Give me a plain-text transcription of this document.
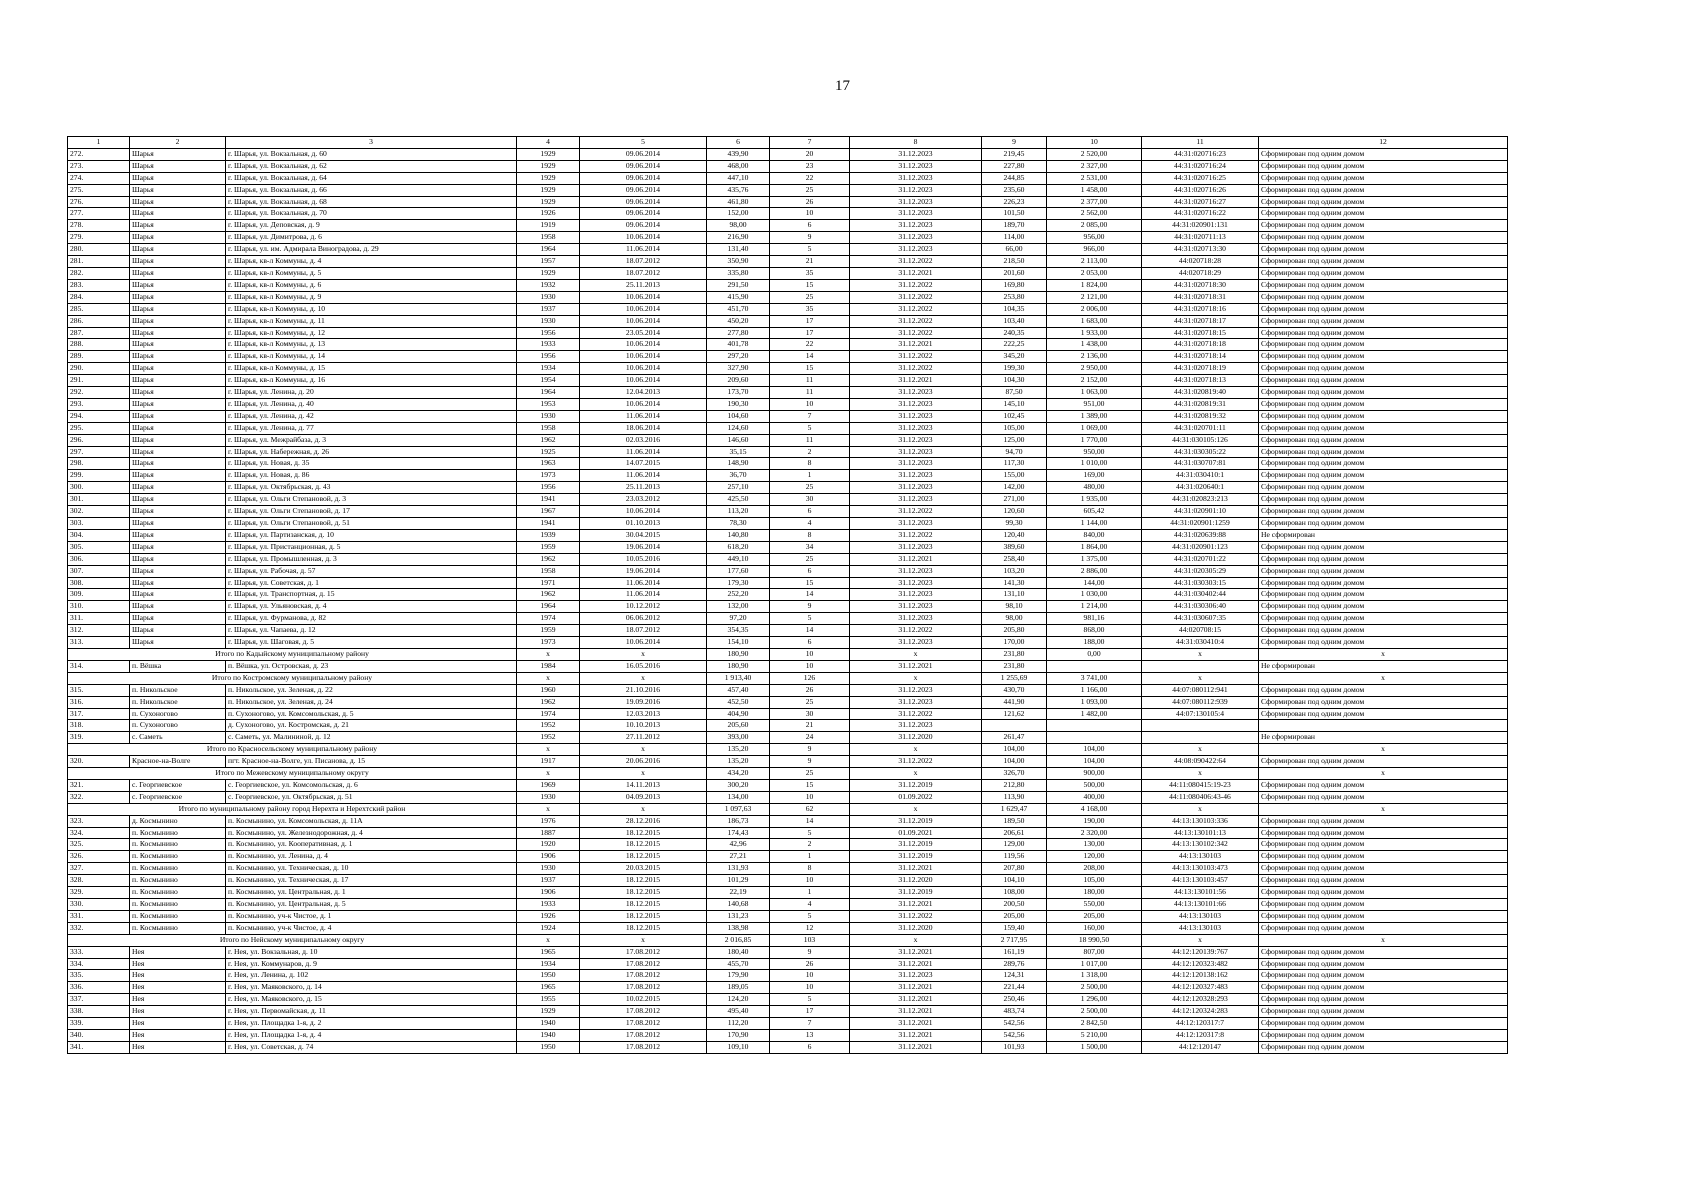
17
1	2	3	4	5	6	7	8	9	10	11	12
272.	Шарья	г. Шарья, ул. Вокзальная, д. 60	1929	09.06.2014	439,90	20	31.12.2023	219,45	2 520,00	44:31:020716:23	Сформирован под одним домом
273.	Шарья	г. Шарья, ул. Вокзальная, д. 62	1929	09.06.2014	468,00	23	31.12.2023	227,80	2 327,00	44:31:020716:24	Сформирован под одним домом
274.	Шарья	г. Шарья, ул. Вокзальная, д. 64	1929	09.06.2014	447,10	22	31.12.2023	244,85	2 531,00	44:31:020716:25	Сформирован под одним домом
275.	Шарья	г. Шарья, ул. Вокзальная, д. 66	1929	09.06.2014	435,76	25	31.12.2023	235,60	1 458,00	44:31:020716:26	Сформирован под одним домом
276.	Шарья	г. Шарья, ул. Вокзальная, д. 68	1929	09.06.2014	461,80	26	31.12.2023	226,23	2 377,00	44:31:020716:27	Сформирован под одним домом
277.	Шарья	г. Шарья, ул. Вокзальная, д. 70	1926	09.06.2014	152,00	10	31.12.2023	101,50	2 562,00	44:31:020716:22	Сформирован под одним домом
278.	Шарья	г. Шарья, ул. Деповская, д. 9	1919	09.06.2014	98,00	6	31.12.2023	189,70	2 085,00	44:31:020901:131	Сформирован под одним домом
279.	Шарья	г. Шарья, ул. Димитрова, д. 6	1958	10.06.2014	216,90	9	31.12.2023	114,00	956,00	44:31:020711:13	Сформирован под одним домом
280.	Шарья	г. Шарья, ул. им. Адмирала Виноградова, д. 29	1964	11.06.2014	131,40	5	31.12.2023	66,00	966,00	44:31:020713:30	Сформирован под одним домом
281.	Шарья	г. Шарья, кв-л Коммуны, д. 4	1957	18.07.2012	350,90	21	31.12.2022	218,50	2 113,00	44:020718:28	Сформирован под одним домом
282.	Шарья	г. Шарья, кв-л Коммуны, д. 5	1929	18.07.2012	335,80	35	31.12.2021	201,60	2 053,00	44:020718:29	Сформирован под одним домом
283.	Шарья	г. Шарья, кв-л Коммуны, д. 6	1932	25.11.2013	291,50	15	31.12.2022	169,80	1 824,00	44:31:020718:30	Сформирован под одним домом
284.	Шарья	г. Шарья, кв-л Коммуны, д. 9	1930	10.06.2014	415,90	25	31.12.2022	253,80	2 121,00	44:31:020718:31	Сформирован под одним домом
285.	Шарья	г. Шарья, кв-л Коммуны, д. 10	1937	10.06.2014	451,70	35	31.12.2022	104,35	2 006,00	44:31:020718:16	Сформирован под одним домом
286.	Шарья	г. Шарья, кв-л Коммуны, д. 11	1930	10.06.2014	450,20	17	31.12.2022	103,40	1 683,00	44:31:020718:17	Сформирован под одним домом
287.	Шарья	г. Шарья, кв-л Коммуны, д. 12	1956	23.05.2014	277,80	17	31.12.2022	240,35	1 933,00	44:31:020718:15	Сформирован под одним домом
288.	Шарья	г. Шарья, кв-л Коммуны, д. 13	1933	10.06.2014	401,78	22	31.12.2021	222,25	1 438,00	44:31:020718:18	Сформирован под одним домом
289.	Шарья	г. Шарья, кв-л Коммуны, д. 14	1956	10.06.2014	297,20	14	31.12.2022	345,20	2 136,00	44:31:020718:14	Сформирован под одним домом
290.	Шарья	г. Шарья, кв-л Коммуны, д. 15	1934	10.06.2014	327,90	15	31.12.2022	199,30	2 950,00	44:31:020718:19	Сформирован под одним домом
291.	Шарья	г. Шарья, кв-л Коммуны, д. 16	1954	10.06.2014	209,60	11	31.12.2021	104,30	2 152,00	44:31:020718:13	Сформирован под одним домом
292.	Шарья	г. Шарья, ул. Ленина, д. 20	1964	12.04.2013	173,70	11	31.12.2023	87,50	1 063,00	44:31:020819:40	Сформирован под одним домом
293.	Шарья	г. Шарья, ул. Ленина, д. 40	1953	10.06.2014	190,30	10	31.12.2023	145,10	951,00	44:31:020819:31	Сформирован под одним домом
294.	Шарья	г. Шарья, ул. Ленина, д. 42	1930	11.06.2014	104,60	7	31.12.2023	102,45	1 389,00	44:31:020819:32	Сформирован под одним домом
295.	Шарья	г. Шарья, ул. Ленина, д. 77	1958	18.06.2014	124,60	5	31.12.2023	105,00	1 069,00	44:31:020701:11	Сформирован под одним домом
296.	Шарья	г. Шарья, ул. Межрайбаза, д. 3	1962	02.03.2016	146,60	11	31.12.2023	125,00	1 770,00	44:31:030105:126	Сформирован под одним домом
297.	Шарья	г. Шарья, ул. Набережная, д. 26	1925	11.06.2014	35,15	2	31.12.2023	94,70	950,00	44:31:030305:22	Сформирован под одним домом
298.	Шарья	г. Шарья, ул. Новая, д. 35	1963	14.07.2015	148,90	8	31.12.2023	117,30	1 010,00	44:31:030707:81	Сформирован под одним домом
299.	Шарья	г. Шарья, ул. Новая, д. 86	1973	11.06.2014	36,70	1	31.12.2023	155,00	169,00	44:31:030410:1	Сформирован под одним домом
300.	Шарья	г. Шарья, ул. Октябрьская, д. 43	1956	25.11.2013	257,10	25	31.12.2023	142,00	480,00	44:31:020640:1	Сформирован под одним домом
301.	Шарья	г. Шарья, ул. Ольги Степановой, д. 3	1941	23.03.2012	425,50	30	31.12.2023	271,00	1 935,00	44:31:020823:213	Сформирован под одним домом
302.	Шарья	г. Шарья, ул. Ольги Степановой, д. 17	1967	10.06.2014	113,20	6	31.12.2022	120,60	605,42	44:31:020901:10	Сформирован под одним домом
303.	Шарья	г. Шарья, ул. Ольги Степановой, д. 51	1941	01.10.2013	78,30	4	31.12.2023	99,30	1 144,00	44:31:020901:1259	Сформирован под одним домом
304.	Шарья	г. Шарья, ул. Партизанская, д. 10	1939	30.04.2015	140,80	8	31.12.2022	120,40	840,00	44:31:020639:88	Не сформирован
305.	Шарья	г. Шарья, ул. Пристанционная, д. 5	1959	19.06.2014	618,20	34	31.12.2023	389,60	1 864,00	44:31:020901:123	Сформирован под одним домом
306.	Шарья	г. Шарья, ул. Промышленная, д. 3	1962	10.05.2016	449,10	25	31.12.2021	258,40	1 375,00	44:31:020701:22	Сформирован под одним домом
307.	Шарья	г. Шарья, ул. Рабочая, д. 57	1958	19.06.2014	177,60	6	31.12.2023	103,20	2 886,00	44:31:020305:29	Сформирован под одним домом
308.	Шарья	г. Шарья, ул. Советская, д. 1	1971	11.06.2014	179,30	15	31.12.2023	141,30	144,00	44:31:030303:15	Сформирован под одним домом
309.	Шарья	г. Шарья, ул. Транспортная, д. 15	1962	11.06.2014	252,20	14	31.12.2023	131,10	1 030,00	44:31:030402:44	Сформирован под одним домом
310.	Шарья	г. Шарья, ул. Ульяновская, д. 4	1964	10.12.2012	132,00	9	31.12.2023	98,10	1 214,00	44:31:030306:40	Сформирован под одним домом
311.	Шарья	г. Шарья, ул. Фурманова, д. 82	1974	06.06.2012	97,20	5	31.12.2023	98,00	981,16	44:31:030607:35	Сформирован под одним домом
312.	Шарья	г. Шарья, ул. Чапаева, д. 12	1959	18.07.2012	354,35	14	31.12.2022	205,80	868,00	44:020708:15	Сформирован под одним домом
313.	Шарья	г. Шарья, ул. Шаговая, д. 5	1973	10.06.2014	154,10	6	31.12.2023	170,00	188,00	44:31:030410:4	Сформирован под одним домом
Итого по Кадыйскому муниципальному району			x	x	180,90	10	x	231,80	0,00	x	x
314.	п. Вёшка	п. Вёшка, ул. Островская, д. 23	1984	16.05.2016	180,90	10	31.12.2021	231,80			Не сформирован
Итого по Костромскому муниципальному району			x	x	1 913,40	126	x	1 255,69	3 741,00	x	x
315.	п. Никольское	п. Никольское, ул. Зеленая, д. 22	1960	21.10.2016	457,40	26	31.12.2023	430,70	1 166,00	44:07:080112:941	Сформирован под одним домом
316.	п. Никольское	п. Никольское, ул. Зеленая, д. 24	1962	19.09.2016	452,50	25	31.12.2023	441,90	1 093,00	44:07:080112:939	Сформирован под одним домом
317.	п. Сухоногово	п. Сухоногово, ул. Комсомольская, д. 5	1974	12.03.2013	404,90	30	31.12.2022	121,62	1 482,00	44:07:130105:4	Сформирован под одним домом
318.	п. Сухоногово	д. Сухоногово, ул. Костромская, д. 21	1952	10.10.2013	205,60	21	31.12.2023				
319.	с. Саметь	с. Саметь, ул. Малининой, д. 12	1952	27.11.2012	393,00	24	31.12.2020	261,47			Не сформирован
Итого по Красносельскому муниципальному району			x	x	135,20	9	x	104,00	104,00	x	x
320.	Красное-на-Волге	пгт. Красное-на-Волге, ул. Писанова, д. 15	1917	20.06.2016	135,20	9	31.12.2022	104,00	104,00	44:08:090422:64	Сформирован под одним домом
Итого по Межевскому муниципальному округу			x	x	434,20	25	x	326,70	900,00	x	x
321.	с. Георгиевское	с. Георгиевское, ул. Комсомольская, д. 6	1969	14.11.2013	300,20	15	31.12.2019	212,80	500,00	44:11:080415:19-23	Сформирован под одним домом
322.	с. Георгиевское	с. Георгиевское, ул. Октябрьская, д. 51	1930	04.09.2013	134,00	10	01.09.2022	113,90	400,00	44:11:080406:43-46	Сформирован под одним домом
Итого по муниципальному району город Нерехта и Нерехтский район			x	x	1 097,63	62	x	1 629,47	4 168,00	x	x
323.	д. Космынино	п. Космынино, ул. Комсомольская, д. 11А	1976	28.12.2016	186,73	14	31.12.2019	189,50	190,00	44:13:130103:336	Сформирован под одним домом
324.	п. Космынино	п. Космынино, ул. Железнодорожная, д. 4	1887	18.12.2015	174,43	5	01.09.2021	206,61	2 320,00	44:13:130101:13	Сформирован под одним домом
325.	п. Космынино	п. Космынино, ул. Кооперативная, д. 1	1920	18.12.2015	42,96	2	31.12.2019	129,00	130,00	44:13:130102:342	Сформирован под одним домом
326.	п. Космынино	п. Космынино, ул. Ленина, д. 4	1906	18.12.2015	27,21	1	31.12.2019	119,56	120,00	44:13:130103	Сформирован под одним домом
327.	п. Космынино	п. Космынино, ул. Техническая, д. 10	1930	20.03.2015	131,93	8	31.12.2021	207,80	208,00	44:13:130103:473	Сформирован под одним домом
328.	п. Космынино	п. Космынино, ул. Техническая, д. 17	1937	18.12.2015	101,29	10	31.12.2020	104,10	105,00	44:13:130103:457	Сформирован под одним домом
329.	п. Космынино	п. Космынино, ул. Центральная, д. 1	1906	18.12.2015	22,19	1	31.12.2019	108,00	180,00	44:13:130101:56	Сформирован под одним домом
330.	п. Космынино	п. Космынино, ул. Центральная, д. 5	1933	18.12.2015	140,68	4	31.12.2021	200,50	550,00	44:13:130101:66	Сформирован под одним домом
331.	п. Космынино	п. Космынино, уч-к Чистое, д. 1	1926	18.12.2015	131,23	5	31.12.2022	205,00	205,00	44:13:130103	Сформирован под одним домом
332.	п. Космынино	п. Космынино, уч-к Чистое, д. 4	1924	18.12.2015	138,98	12	31.12.2020	159,40	160,00	44:13:130103	Сформирован под одним домом
Итого по Нейскому муниципальному округу			x	x	2 016,85	103	x	2 717,95	18 990,50	x	x
333.	Нея	г. Нея, ул. Вокзальная, д. 10	1965	17.08.2012	180,40	9	31.12.2021	161,19	807,00	44:12:120139:767	Сформирован под одним домом
334.	Нея	г. Нея, ул. Коммунаров, д. 9	1934	17.08.2012	455,70	26	31.12.2021	289,76	1 017,00	44:12:120323:482	Сформирован под одним домом
335.	Нея	г. Нея, ул. Ленина, д. 102	1950	17.08.2012	179,90	10	31.12.2023	124,31	1 318,00	44:12:120138:162	Сформирован под одним домом
336.	Нея	г. Нея, ул. Маяковского, д. 14	1965	17.08.2012	189,05	10	31.12.2021	221,44	2 500,00	44:12:120327:483	Сформирован под одним домом
337.	Нея	г. Нея, ул. Маяковского, д. 15	1955	10.02.2015	124,20	5	31.12.2021	250,46	1 296,00	44:12:120328:293	Сформирован под одним домом
338.	Нея	г. Нея, ул. Первомайская, д. 11	1929	17.08.2012	495,40	17	31.12.2021	483,74	2 500,00	44:12:120324:283	Сформирован под одним домом
339.	Нея	г. Нея, ул. Площадка 1-я, д. 2	1940	17.08.2012	112,20	7	31.12.2021	542,56	2 842,50	44:12:120317:7	Сформирован под одним домом
340.	Нея	г. Нея, ул. Площадка 1-я, д. 4	1940	17.08.2012	170,90	13	31.12.2021	542,56	5 210,00	44:12:120317:8	Сформирован под одним домом
341.	Нея	г. Нея, ул. Советская, д. 74	1950	17.08.2012	109,10	6	31.12.2021	101,93	1 500,00	44:12:120147	Сформирован под одним домом
